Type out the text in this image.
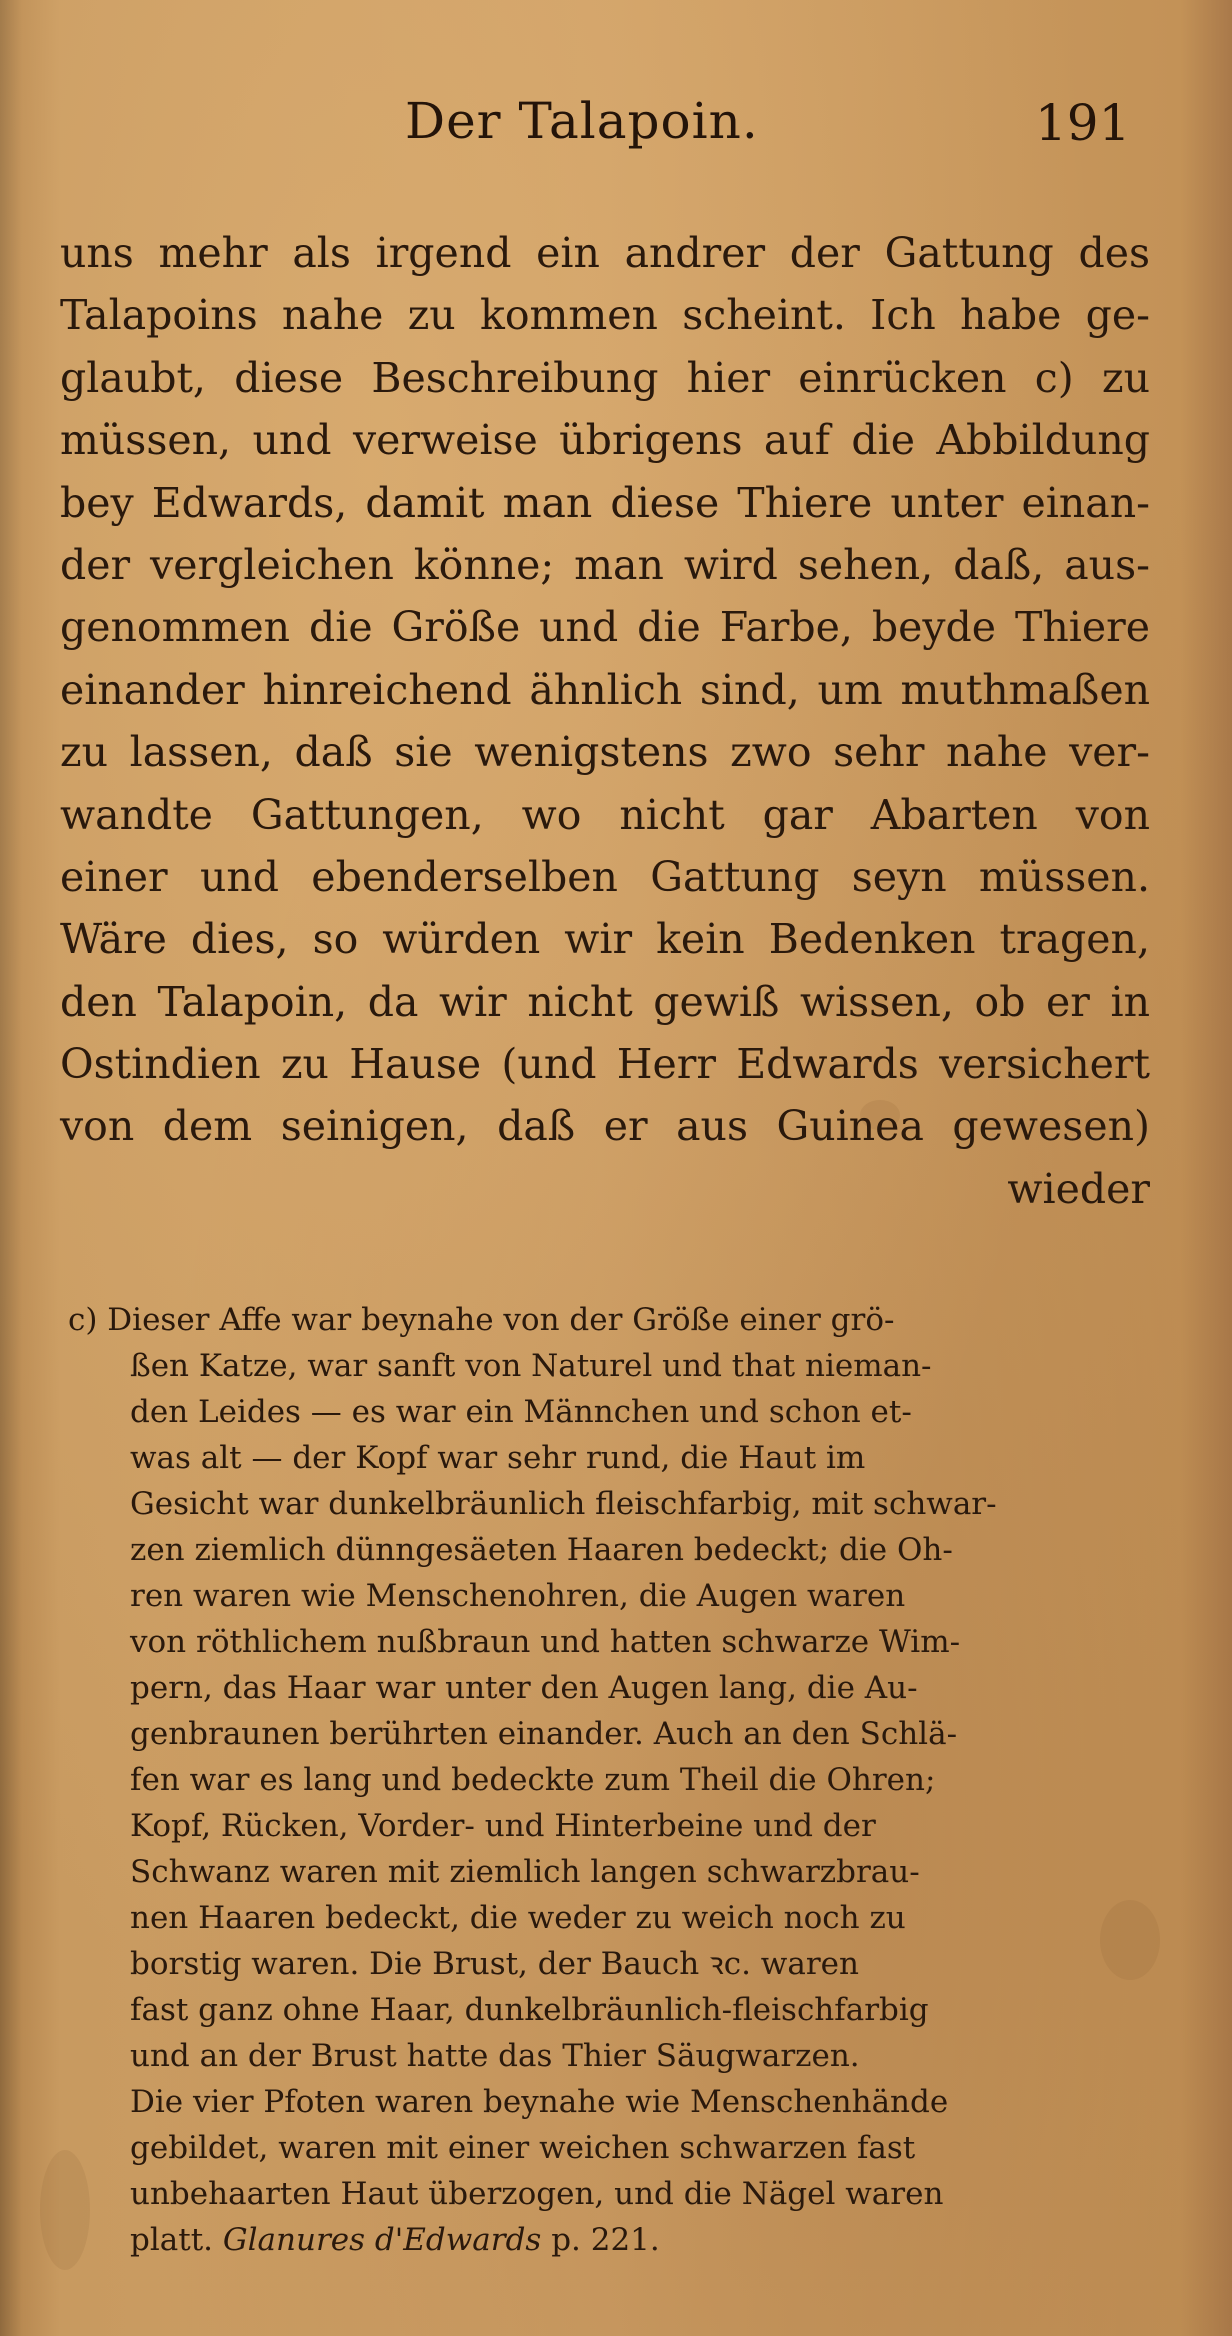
Der Talapoin.	191
uns mehr als irgend ein andrer der Gattung des
Talapoins nahe zu kommen scheint. Ich habe ge-
glaubt, diese Beschreibung hier einrücken c) zu
müssen, und verweise übrigens auf die Abbildung
bey Edwards, damit man diese Thiere unter einan-
der vergleichen könne; man wird sehen, daß, aus-
genommen die Größe und die Farbe, beyde Thiere
einander hinreichend ähnlich sind, um muthmaßen
zu lassen, daß sie wenigstens zwo sehr nahe ver-
wandte Gattungen, wo nicht gar Abarten von
einer und ebenderselben Gattung seyn müssen.
Wäre dies, so würden wir kein Bedenken tragen,
den Talapoin, da wir nicht gewiß wissen, ob er in
Ostindien zu Hause (und Herr Edwards versichert
von dem seinigen, daß er aus Guinea gewesen)
wieder
c) Dieser Affe war beynahe von der Größe einer grö-
ßen Katze, war sanft von Naturel und that nieman-
den Leides — es war ein Männchen und schon et-
was alt — der Kopf war sehr rund, die Haut im
Gesicht war dunkelbräunlich fleischfarbig, mit schwar-
zen ziemlich dünngesäeten Haaren bedeckt; die Oh-
ren waren wie Menschenohren, die Augen waren
von röthlichem nußbraun und hatten schwarze Wim-
pern, das Haar war unter den Augen lang, die Au-
genbraunen berührten einander. Auch an den Schlä-
fen war es lang und bedeckte zum Theil die Ohren;
Kopf, Rücken, Vorder- und Hinterbeine und der
Schwanz waren mit ziemlich langen schwarzbrau-
nen Haaren bedeckt, die weder zu weich noch zu
borstig waren. Die Brust, der Bauch ꝛc. waren
fast ganz ohne Haar, dunkelbräunlich-fleischfarbig
und an der Brust hatte das Thier Säugwarzen.
Die vier Pfoten waren beynahe wie Menschenhände
gebildet, waren mit einer weichen schwarzen fast
unbehaarten Haut überzogen, und die Nägel waren
platt. Glanures d'Edwards p. 221.
